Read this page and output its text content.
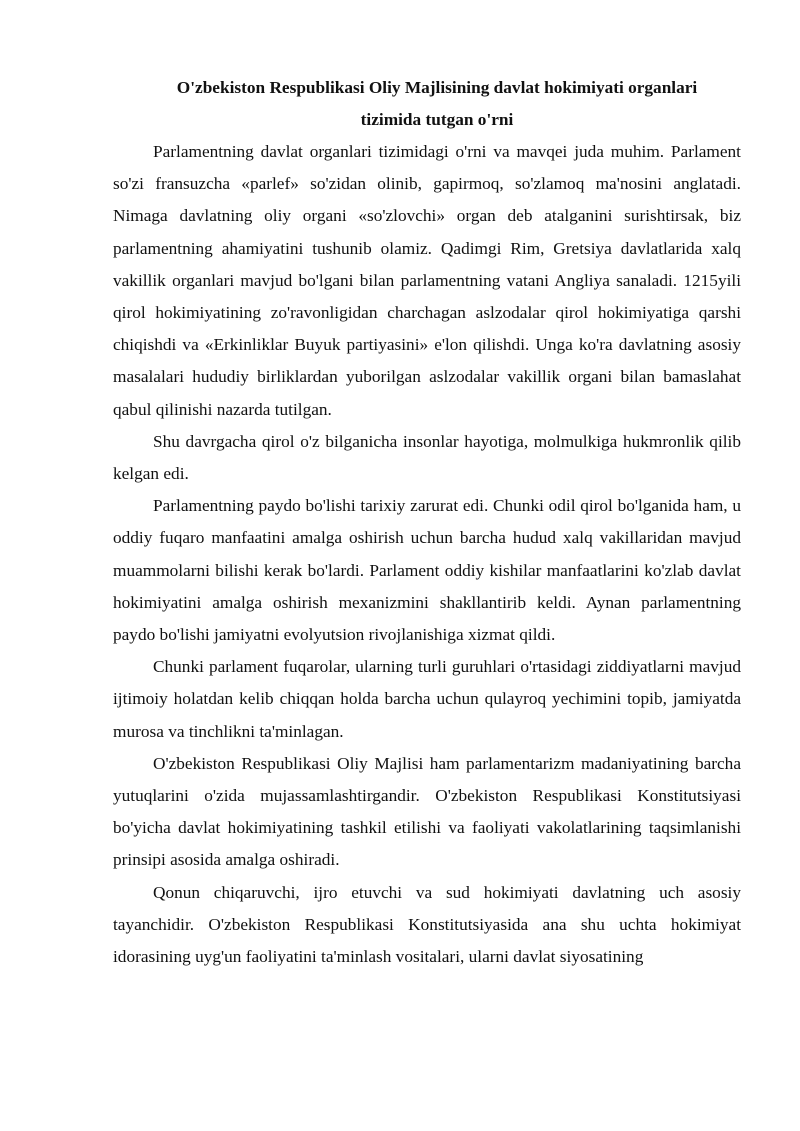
O'zbekiston Respublikasi Oliy Majlisining davlat hokimiyati organlari
tizimida tutgan o'rni

Parlamentning davlat organlari tizimidagi o'rni va mavqei juda muhim. Parlament so'zi fransuzcha «parlef» so'zidan olinib, gapirmoq, so'zlamoq ma'nosini anglatadi. Nimaga davlatning oliy organi «so'zlovchi» organ deb atalganini surishtirsak, biz parlamentning ahamiyatini tushunib olamiz. Qadimgi Rim, Gretsiya davlatlarida xalq vakillik organlari mavjud bo'lgani bilan parlamentning vatani Angliya sanaladi. 1215yili qirol hokimiyatining zo'ravonligidan charchagan aslzodalar qirol hokimiyatiga qarshi chiqishdi va «Erkinliklar Buyuk partiyasini» e'lon qilishdi. Unga ko'ra davlatning asosiy masalalari hududiy birliklardan yuborilgan aslzodalar vakillik organi bilan bamaslahat qabul qilinishi nazarda tutilgan.

Shu davrgacha qirol o'z bilganicha insonlar hayotiga, molmulkiga hukmronlik qilib kelgan edi.

Parlamentning paydo bo'lishi tarixiy zarurat edi. Chunki odil qirol bo'lganida ham, u oddiy fuqaro manfaatini amalga oshirish uchun barcha hudud xalq vakillaridan mavjud muammolarni bilishi kerak bo'lardi. Parlament oddiy kishilar manfaatlarini ko'zlab davlat hokimiyatini amalga oshirish mexanizmini shakllantirib keldi. Aynan parlamentning paydo bo'lishi jamiyatni evolyutsion rivojlanishiga xizmat qildi.

Chunki parlament fuqarolar, ularning turli guruhlari o'rtasidagi ziddiyatlarni mavjud ijtimoiy holatdan kelib chiqqan holda barcha uchun qulayroq yechimini topib, jamiyatda murosa va tinchlikni ta'minlagan.

O'zbekiston Respublikasi Oliy Majlisi ham parlamentarizm madaniyatining barcha yutuqlarini o'zida mujassamlashtirgandir. O'zbekiston Respublikasi Konstitutsiyasi bo'yicha davlat hokimiyatining tashkil etilishi va faoliyati vakolatlarining taqsimlanishi prinsipi asosida amalga oshiradi.

Qonun chiqaruvchi, ijro etuvchi va sud hokimiyati davlatning uch asosiy tayanchidir. O'zbekiston Respublikasi Konstitutsiyasida ana shu uchta hokimiyat idorasining uyg'un faoliyatini ta'minlash vositalari, ularni davlat siyosatining
